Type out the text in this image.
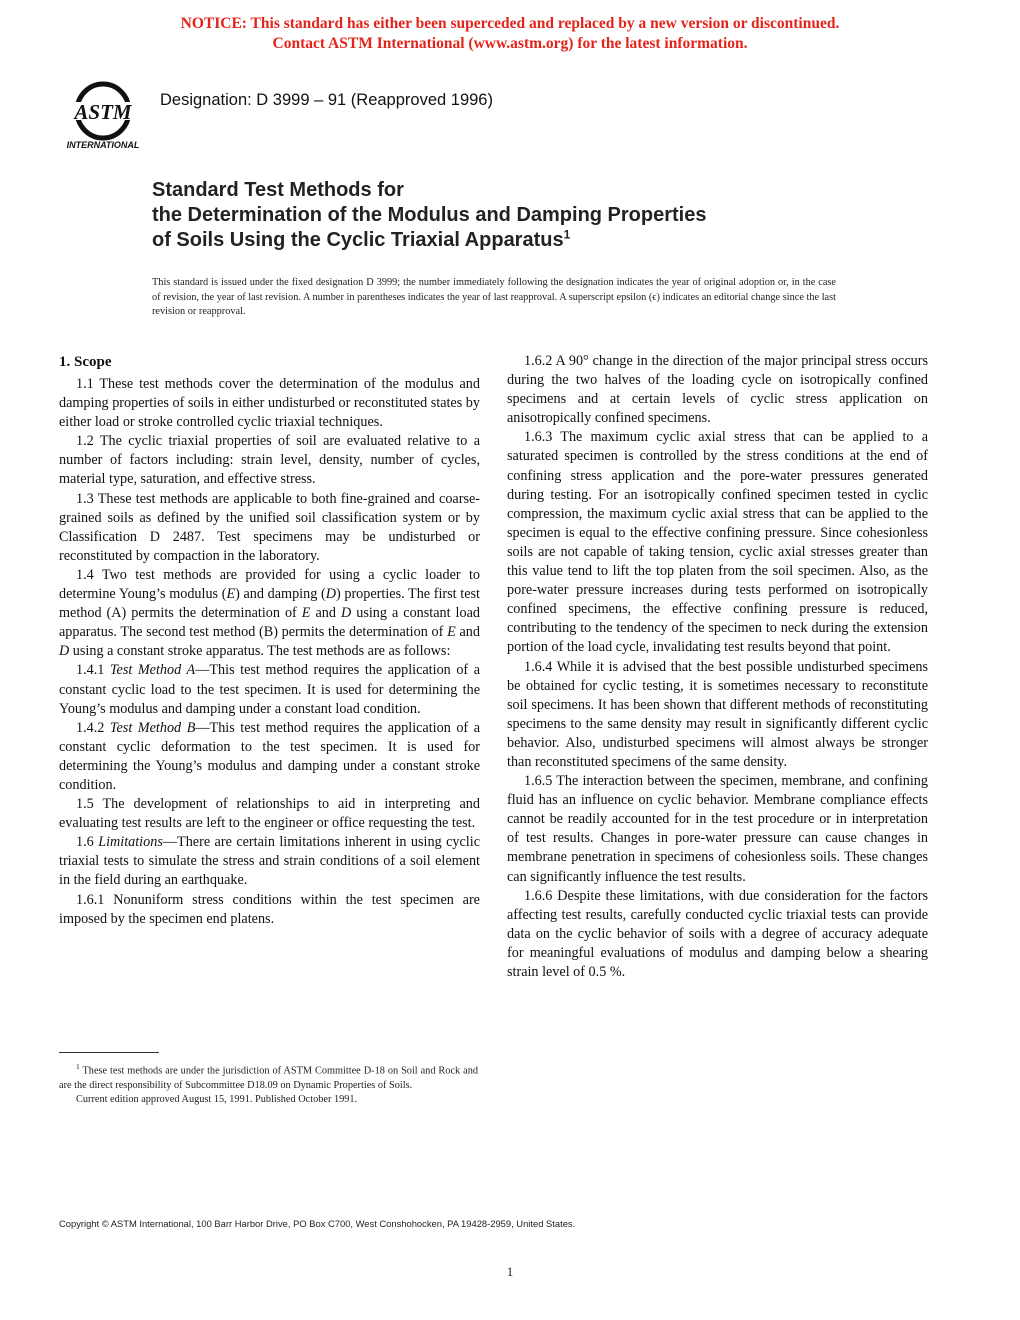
NOTICE: This standard has either been superceded and replaced by a new version or discontinued.
Contact ASTM International (www.astm.org) for the latest information.
ASTM
INTERNATIONAL
Designation: D 3999 – 91 (Reapproved 1996)
Standard Test Methods for
the Determination of the Modulus and Damping Properties
of Soils Using the Cyclic Triaxial Apparatus$^1$
This standard is issued under the fixed designation D 3999; the number immediately following the designation indicates the year of original adoption or, in the case of revision, the year of last revision. A number in parentheses indicates the year of last reapproval. A superscript epsilon (ϵ) indicates an editorial change since the last revision or reapproval.
1. Scope

1.1 These test methods cover the determination of the modulus and damping properties of soils in either undisturbed or reconstituted states by either load or stroke controlled cyclic triaxial techniques.

1.2 The cyclic triaxial properties of soil are evaluated relative to a number of factors including: strain level, density, number of cycles, material type, saturation, and effective stress.

1.3 These test methods are applicable to both fine-grained and coarse-grained soils as defined by the unified soil classification system or by Classification D 2487. Test specimens may be undisturbed or reconstituted by compaction in the laboratory.

1.4 Two test methods are provided for using a cyclic loader to determine Young’s modulus (E) and damping (D) properties. The first test method (A) permits the determination of E and D using a constant load apparatus. The second test method (B) permits the determination of E and D using a constant stroke apparatus. The test methods are as follows:

1.4.1 Test Method A—This test method requires the application of a constant cyclic load to the test specimen. It is used for determining the Young’s modulus and damping under a constant load condition.

1.4.2 Test Method B—This test method requires the application of a constant cyclic deformation to the test specimen. It is used for determining the Young’s modulus and damping under a constant stroke condition.

1.5 The development of relationships to aid in interpreting and evaluating test results are left to the engineer or office requesting the test.

1.6 Limitations—There are certain limitations inherent in using cyclic triaxial tests to simulate the stress and strain conditions of a soil element in the field during an earthquake.

1.6.1 Nonuniform stress conditions within the test specimen are imposed by the specimen end platens.

1.6.2 A 90° change in the direction of the major principal stress occurs during the two halves of the loading cycle on isotropically confined specimens and at certain levels of cyclic stress application on anisotropically confined specimens.

1.6.3 The maximum cyclic axial stress that can be applied to a saturated specimen is controlled by the stress conditions at the end of confining stress application and the pore-water pressures generated during testing. For an isotropically confined specimen tested in cyclic compression, the maximum cyclic axial stress that can be applied to the specimen is equal to the effective confining pressure. Since cohesionless soils are not capable of taking tension, cyclic axial stresses greater than this value tend to lift the top platen from the soil specimen. Also, as the pore-water pressure increases during tests performed on isotropically confined specimens, the effective confining pressure is reduced, contributing to the tendency of the specimen to neck during the extension portion of the load cycle, invalidating test results beyond that point.

1.6.4 While it is advised that the best possible undisturbed specimens be obtained for cyclic testing, it is sometimes necessary to reconstitute soil specimens. It has been shown that different methods of reconstituting specimens to the same density may result in significantly different cyclic behavior. Also, undisturbed specimens will almost always be stronger than reconstituted specimens of the same density.

1.6.5 The interaction between the specimen, membrane, and confining fluid has an influence on cyclic behavior. Membrane compliance effects cannot be readily accounted for in the test procedure or in interpretation of test results. Changes in pore-water pressure can cause changes in membrane penetration in specimens of cohesionless soils. These changes can significantly influence the test results.

1.6.6 Despite these limitations, with due consideration for the factors affecting test results, carefully conducted cyclic triaxial tests can provide data on the cyclic behavior of soils with a degree of accuracy adequate for meaningful evaluations of modulus and damping below a shearing strain level of 0.5 %.

$^1$ These test methods are under the jurisdiction of ASTM Committee D-18 on Soil and Rock and are the direct responsibility of Subcommittee D18.09 on Dynamic Properties of Soils.

Current edition approved August 15, 1991. Published October 1991.

Copyright © ASTM International, 100 Barr Harbor Drive, PO Box C700, West Conshohocken, PA 19428-2959, United States.
1
